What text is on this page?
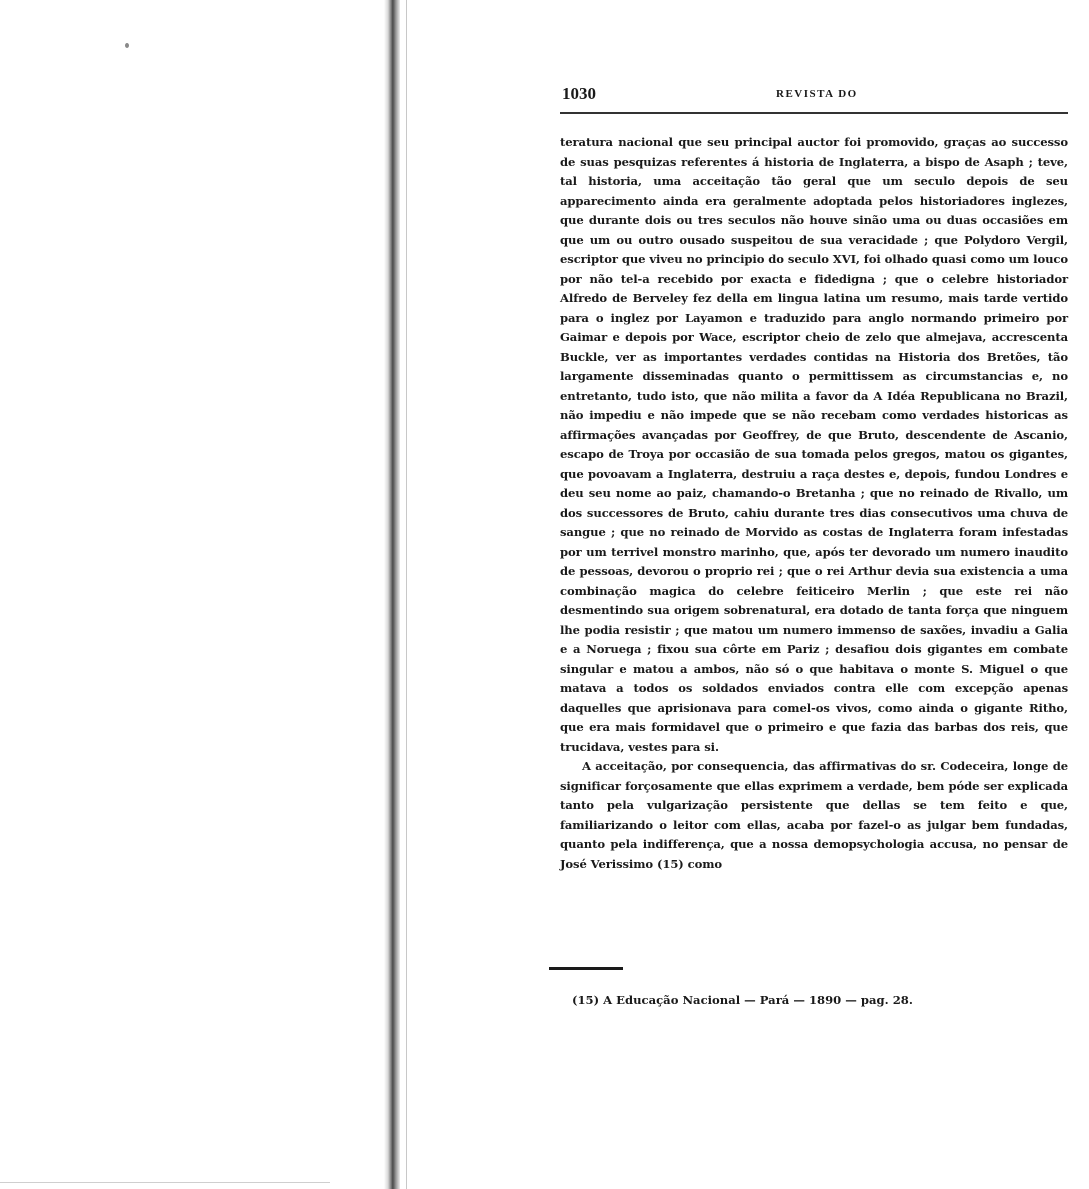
1030	REVISTA DO

teratura nacional que seu principal auctor foi promovido, graças ao successo de suas pesquizas referentes á historia de Inglaterra, a bispo de Asaph ; teve, tal historia, uma acceitação tão geral que um seculo depois de seu apparecimento ainda era geralmente adoptada pelos historiadores inglezes, que durante dois ou tres seculos não houve sinão uma ou duas occasiões em que um ou outro ousado suspeitou de sua veracidade ; que Polydoro Vergil, escriptor que viveu no principio do seculo XVI, foi olhado quasi como um louco por não tel-a recebido por exacta e fidedigna ; que o celebre historiador Alfredo de Berveley fez della em lingua latina um resumo, mais tarde vertido para o inglez por Layamon e traduzido para anglo normando primeiro por Gaimar e depois por Wace, escriptor cheio de zelo que almejava, accrescenta Buckle, ver as importantes verdades contidas na Historia dos Bretões, tão largamente disseminadas quanto o permittissem as circumstancias e, no entretanto, tudo isto, que não milita a favor da A Idéa Republicana no Brazil, não impediu e não impede que se não recebam como verdades historicas as affirmações avançadas por Geoffrey, de que Bruto, descendente de Ascanio, escapo de Troya por occasião de sua tomada pelos gregos, matou os gigantes, que povoavam a Inglaterra, destruiu a raça destes e, depois, fundou Londres e deu seu nome ao paiz, chamando-o Bretanha ; que no reinado de Rivallo, um dos successores de Bruto, cahiu durante tres dias consecutivos uma chuva de sangue ; que no reinado de Morvido as costas de Inglaterra foram infestadas por um terrivel monstro marinho, que, após ter devorado um numero inaudito de pessoas, devorou o proprio rei ; que o rei Arthur devia sua existencia a uma combinação magica do celebre feiticeiro Merlin ; que este rei não desmentindo sua origem sobrenatural, era dotado de tanta força que ninguem lhe podia resistir ; que matou um numero immenso de saxões, invadiu a Galia e a Noruega ; fixou sua côrte em Pariz ; desafiou dois gigantes em combate singular e matou a ambos, não só o que habitava o monte S. Miguel o que matava a todos os soldados enviados contra elle com excepção apenas daquelles que aprisionava para comel-os vivos, como ainda o gigante Ritho, que era mais formidavel que o primeiro e que fazia das barbas dos reis, que trucidava, vestes para si.

A acceitação, por consequencia, das affirmativas do sr. Codeceira, longe de significar forçosamente que ellas exprimem a verdade, bem póde ser explicada tanto pela vulgarização persistente que dellas se tem feito e que, familiarizando o leitor com ellas, acaba por fazel-o as julgar bem fundadas, quanto pela indifferença, que a nossa demopsychologia accusa, no pensar de José Verissimo (15) como

(15) A Educação Nacional — Pará — 1890 — pag. 28.
